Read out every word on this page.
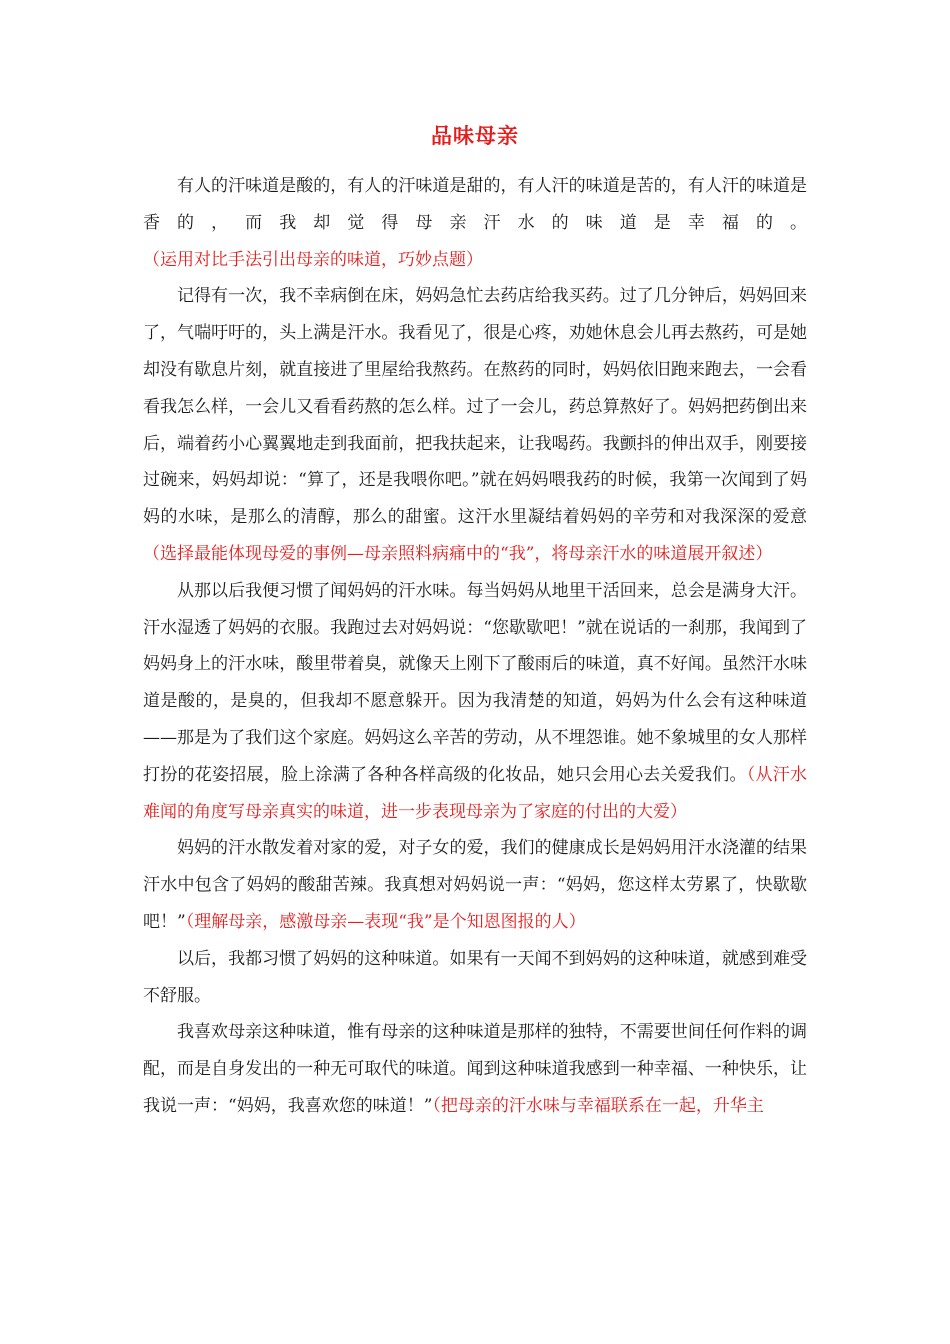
品味母亲

有人的汗味道是酸的，有人的汗味道是甜的，有人汗的味道是苦的，有人汗的味道是香的，而我却觉得母亲汗水的味道是幸福的。（运用对比手法引出母亲的味道，巧妙点题）

记得有一次，我不幸病倒在床，妈妈急忙去药店给我买药。过了几分钟后，妈妈回来了，气喘吁吁的，头上满是汗水。我看见了，很是心疼，劝她休息会儿再去熬药，可是她却没有歇息片刻，就直接进了里屋给我熬药。在熬药的同时，妈妈依旧跑来跑去，一会看看我怎么样，一会儿又看看药熬的怎么样。过了一会儿，药总算熬好了。妈妈把药倒出来后，端着药小心翼翼地走到我面前，把我扶起来，让我喝药。我颤抖的伸出双手，刚要接过碗来，妈妈却说：“算了，还是我喂你吧。”就在妈妈喂我药的时候，我第一次闻到了妈妈的水味，是那么的清醇，那么的甜蜜。这汗水里凝结着妈妈的辛劳和对我深深的爱意（选择最能体现母爱的事例—母亲照料病痛中的“我”，将母亲汗水的味道展开叙述）

从那以后我便习惯了闻妈妈的汗水味。每当妈妈从地里干活回来，总会是满身大汗。汗水湿透了妈妈的衣服。我跑过去对妈妈说：“您歇歇吧！”就在说话的一刹那，我闻到了妈妈身上的汗水味，酸里带着臭，就像天上刚下了酸雨后的味道，真不好闻。虽然汗水味道是酸的，是臭的，但我却不愿意躲开。因为我清楚的知道，妈妈为什么会有这种味道——那是为了我们这个家庭。妈妈这么辛苦的劳动，从不埋怨谁。她不象城里的女人那样打扮的花姿招展，脸上涂满了各种各样高级的化妆品，她只会用心去关爱我们。（从汗水难闻的角度写母亲真实的味道，进一步表现母亲为了家庭的付出的大爱）

妈妈的汗水散发着对家的爱，对子女的爱，我们的健康成长是妈妈用汗水浇灌的结果汗水中包含了妈妈的酸甜苦辣。我真想对妈妈说一声：“妈妈，您这样太劳累了，快歇歇吧！”（理解母亲，感激母亲—表现“我”是个知恩图报的人）

以后，我都习惯了妈妈的这种味道。如果有一天闻不到妈妈的这种味道，就感到难受不舒服。

我喜欢母亲这种味道，惟有母亲的这种味道是那样的独特，不需要世间任何作料的调配，而是自身发出的一种无可取代的味道。闻到这种味道我感到一种幸福、一种快乐，让我说一声：“妈妈，我喜欢您的味道！”（把母亲的汗水味与幸福联系在一起，升华主
